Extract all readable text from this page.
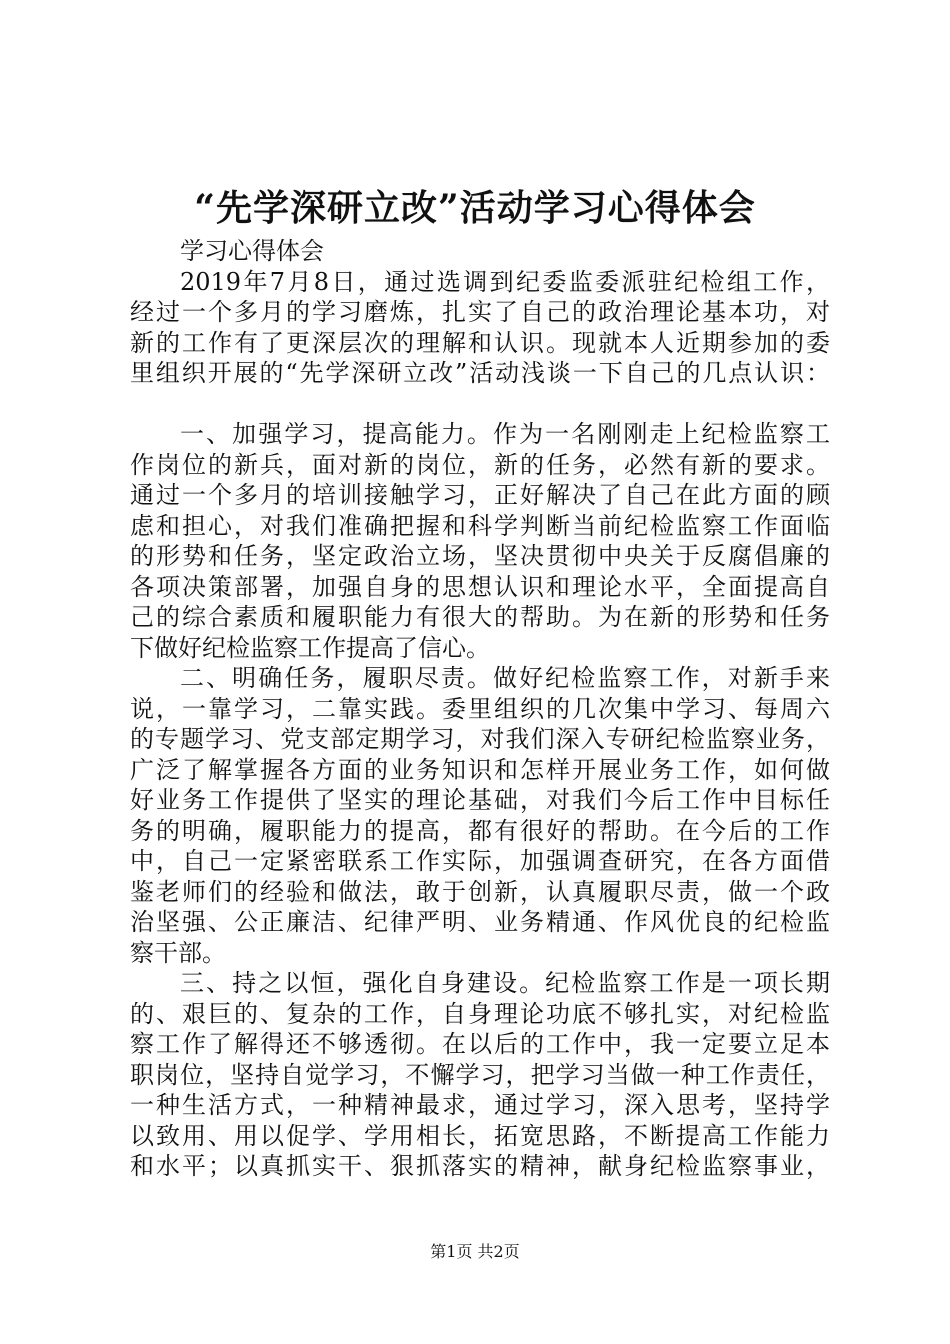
“先学深研立改”活动学习心得体会
学习心得体会
2019年7月8日，通过选调到纪委监委派驻纪检组工作，
经过一个多月的学习磨炼，扎实了自己的政治理论基本功，对
新的工作有了更深层次的理解和认识。现就本人近期参加的委
里组织开展的“先学深研立改”活动浅谈一下自己的几点认识：
一、加强学习，提高能力。作为一名刚刚走上纪检监察工
作岗位的新兵，面对新的岗位，新的任务，必然有新的要求。
通过一个多月的培训接触学习，正好解决了自己在此方面的顾
虑和担心，对我们准确把握和科学判断当前纪检监察工作面临
的形势和任务，坚定政治立场，坚决贯彻中央关于反腐倡廉的
各项决策部署，加强自身的思想认识和理论水平，全面提高自
己的综合素质和履职能力有很大的帮助。为在新的形势和任务
下做好纪检监察工作提高了信心。
二、明确任务，履职尽责。做好纪检监察工作，对新手来
说，一靠学习，二靠实践。委里组织的几次集中学习、每周六
的专题学习、党支部定期学习，对我们深入专研纪检监察业务，
广泛了解掌握各方面的业务知识和怎样开展业务工作，如何做
好业务工作提供了坚实的理论基础，对我们今后工作中目标任
务的明确，履职能力的提高，都有很好的帮助。在今后的工作
中，自己一定紧密联系工作实际，加强调查研究，在各方面借
鉴老师们的经验和做法，敢于创新，认真履职尽责，做一个政
治坚强、公正廉洁、纪律严明、业务精通、作风优良的纪检监
察干部。
三、持之以恒，强化自身建设。纪检监察工作是一项长期
的、艰巨的、复杂的工作，自身理论功底不够扎实，对纪检监
察工作了解得还不够透彻。在以后的工作中，我一定要立足本
职岗位，坚持自觉学习，不懈学习，把学习当做一种工作责任，
一种生活方式，一种精神最求，通过学习，深入思考，坚持学
以致用、用以促学、学用相长，拓宽思路，不断提高工作能力
和水平；以真抓实干、狠抓落实的精神，献身纪检监察事业，
第1页 共2页
